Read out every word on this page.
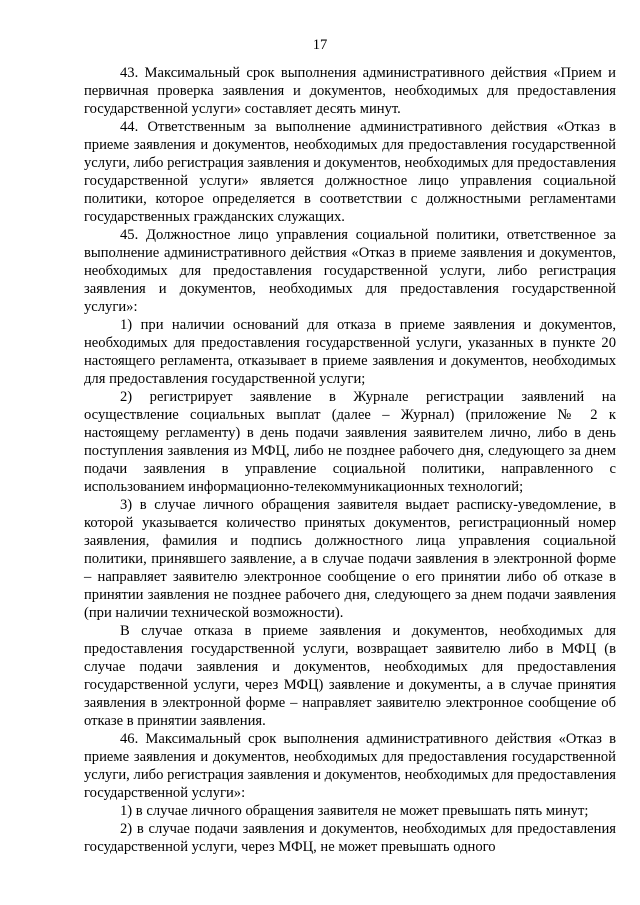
17

43. Максимальный срок выполнения административного действия «Прием и первичная проверка заявления и документов, необходимых для предоставления государственной услуги» составляет десять минут.

44. Ответственным за выполнение административного действия «Отказ в приеме заявления и документов, необходимых для предоставления государственной услуги, либо регистрация заявления и документов, необходимых для предоставления государственной услуги» является должностное лицо управления социальной политики, которое определяется в соответствии с должностными регламентами государственных гражданских служащих.

45. Должностное лицо управления социальной политики, ответственное за выполнение административного действия «Отказ в приеме заявления и документов, необходимых для предоставления государственной услуги, либо регистрация заявления и документов, необходимых для предоставления государственной услуги»:

1) при наличии оснований для отказа в приеме заявления и документов, необходимых для предоставления государственной услуги, указанных в пункте 20 настоящего регламента, отказывает в приеме заявления и документов, необходимых для предоставления государственной услуги;

2) регистрирует заявление в Журнале регистрации заявлений на осуществление социальных выплат (далее – Журнал) (приложение № 2 к настоящему регламенту) в день подачи заявления заявителем лично, либо в день поступления заявления из МФЦ, либо не позднее рабочего дня, следующего за днем подачи заявления в управление социальной политики, направленного с использованием информационно-телекоммуникационных технологий;

3) в случае личного обращения заявителя выдает расписку-уведомление, в которой указывается количество принятых документов, регистрационный номер заявления, фамилия и подпись должностного лица управления социальной политики, принявшего заявление, а в случае подачи заявления в электронной форме – направляет заявителю электронное сообщение о его принятии либо об отказе в принятии заявления не позднее рабочего дня, следующего за днем подачи заявления (при наличии технической возможности).

В случае отказа в приеме заявления и документов, необходимых для предоставления государственной услуги, возвращает заявителю либо в МФЦ (в случае подачи заявления и документов, необходимых для предоставления государственной услуги, через МФЦ) заявление и документы, а в случае принятия заявления в электронной форме – направляет заявителю электронное сообщение об отказе в принятии заявления.

46. Максимальный срок выполнения административного действия «Отказ в приеме заявления и документов, необходимых для предоставления государственной услуги, либо регистрация заявления и документов, необходимых для предоставления государственной услуги»:

1) в случае личного обращения заявителя не может превышать пять минут;

2) в случае подачи заявления и документов, необходимых для предоставления государственной услуги, через МФЦ, не может превышать одного
